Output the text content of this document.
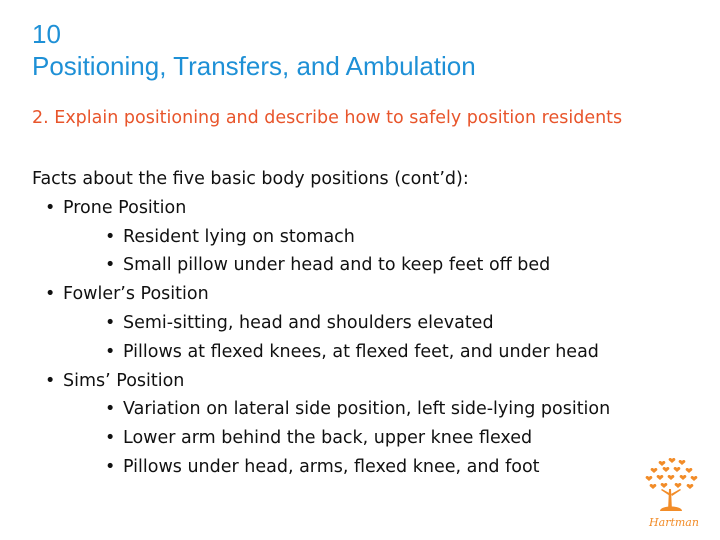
10
Positioning, Transfers, and Ambulation
2. Explain positioning and describe how to safely position residents
Facts about the five basic body positions (cont’d):
• Prone Position
• Resident lying on stomach
• Small pillow under head and to keep feet off bed
• Fowler’s Position
• Semi-sitting, head and shoulders elevated
• Pillows at flexed knees, at flexed feet, and under head
• Sims’ Position
• Variation on lateral side position, left side-lying position
• Lower arm behind the back, upper knee flexed
• Pillows under head, arms, flexed knee, and foot
Hartman
